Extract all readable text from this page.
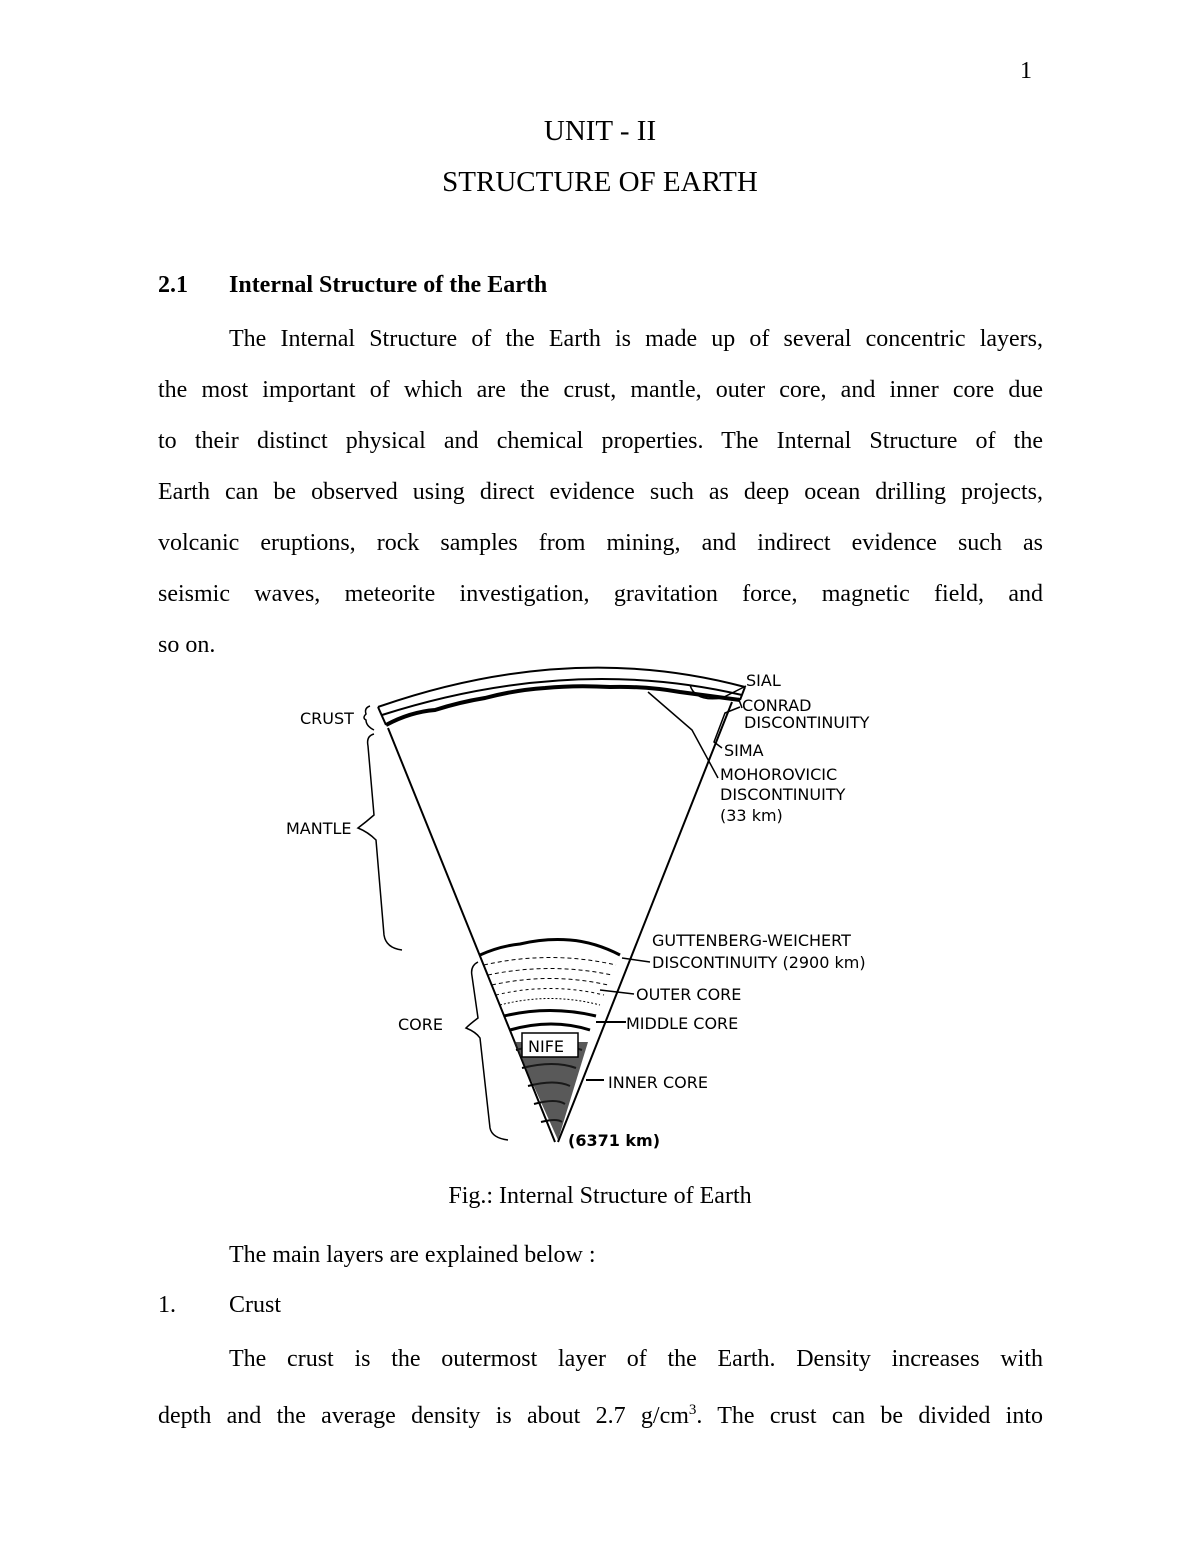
1
UNIT - II
STRUCTURE OF EARTH
2.1 Internal Structure of the Earth
The Internal Structure of the Earth is made up of several concentric layers,
the most important of which are the crust, mantle, outer core, and inner core due
to their distinct physical and chemical properties. The Internal Structure of the
Earth can be observed using direct evidence such as deep ocean drilling projects,
volcanic eruptions, rock samples from mining, and indirect evidence such as
seismic waves, meteorite investigation, gravitation force, magnetic field, and
so on.
SIAL
CONRAD
DISCONTINUITY
SIMA
MOHOROVICIC
DISCONTINUITY
(33 km)
CRUST
MANTLE
GUTTENBERG-WEICHERT
DISCONTINUITY (2900 km)
OUTER CORE
MIDDLE CORE
CORE
NIFE
INNER CORE
(6371 km)
Fig.: Internal Structure of Earth
The main layers are explained below :
1. Crust
The crust is the outermost layer of the Earth. Density increases with
depth and the average density is about 2.7 $g/cm^3$. The crust can be divided into
